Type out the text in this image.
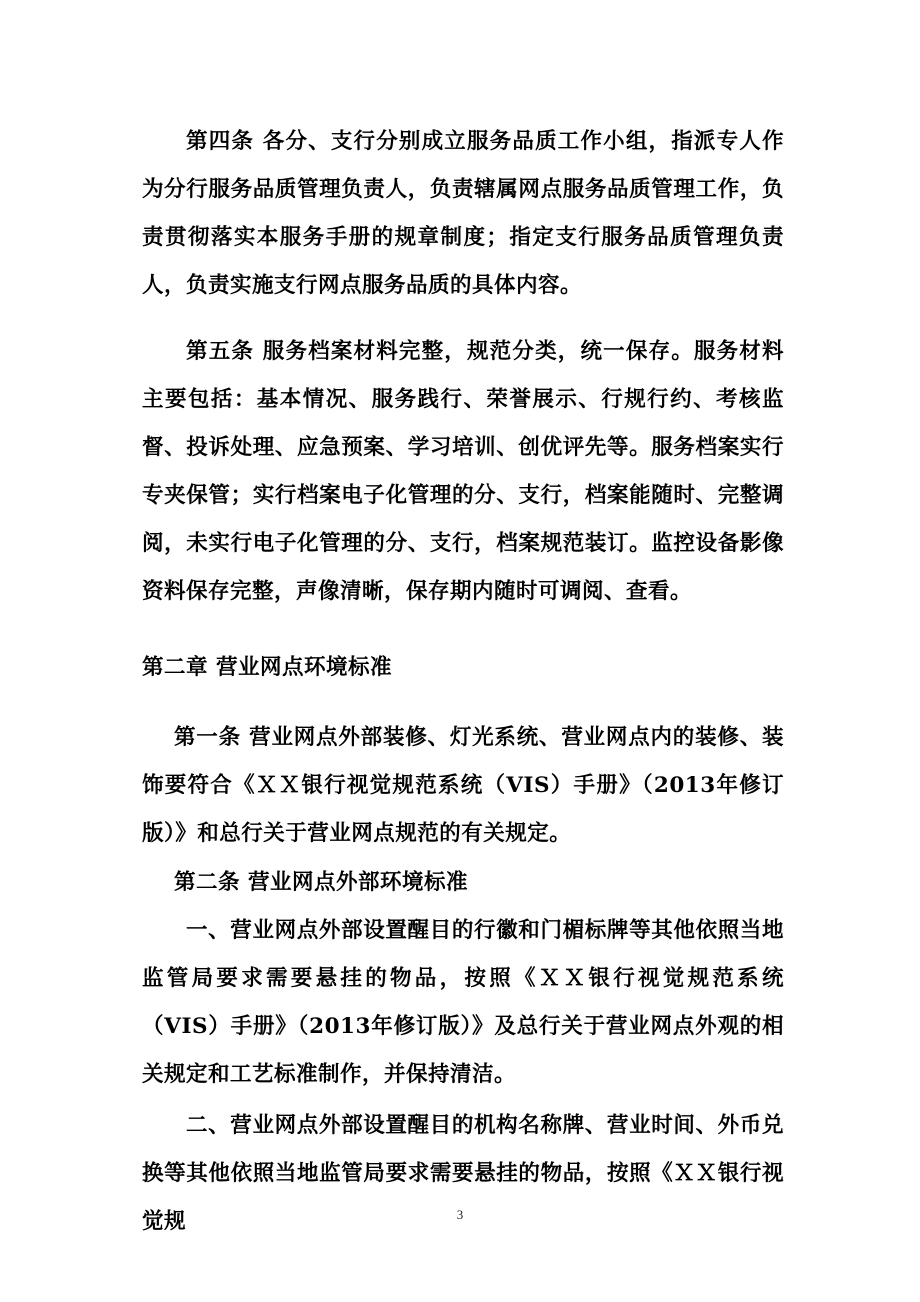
第四条 各分、支行分别成立服务品质工作小组，指派专人作为分行服务品质管理负责人，负责辖属网点服务品质管理工作，负责贯彻落实本服务手册的规章制度；指定支行服务品质管理负责人，负责实施支行网点服务品质的具体内容。

第五条 服务档案材料完整，规范分类，统一保存。服务材料主要包括：基本情况、服务践行、荣誉展示、行规行约、考核监督、投诉处理、应急预案、学习培训、创优评先等。服务档案实行专夹保管；实行档案电子化管理的分、支行，档案能随时、完整调阅，未实行电子化管理的分、支行，档案规范装订。监控设备影像资料保存完整，声像清晰，保存期内随时可调阅、查看。

第二章 营业网点环境标准

第一条 营业网点外部装修、灯光系统、营业网点内的装修、装饰要符合《ＸＸ银行视觉规范系统（VIS）手册》（2013年修订版）》和总行关于营业网点规范的有关规定。

第二条 营业网点外部环境标准

一、营业网点外部设置醒目的行徽和门楣标牌等其他依照当地监管局要求需要悬挂的物品，按照《ＸＸ银行视觉规范系统（VIS）手册》（2013年修订版）》及总行关于营业网点外观的相关规定和工艺标准制作，并保持清洁。

二、营业网点外部设置醒目的机构名称牌、营业时间、外币兑换等其他依照当地监管局要求需要悬挂的物品，按照《ＸＸ银行视觉规	3
